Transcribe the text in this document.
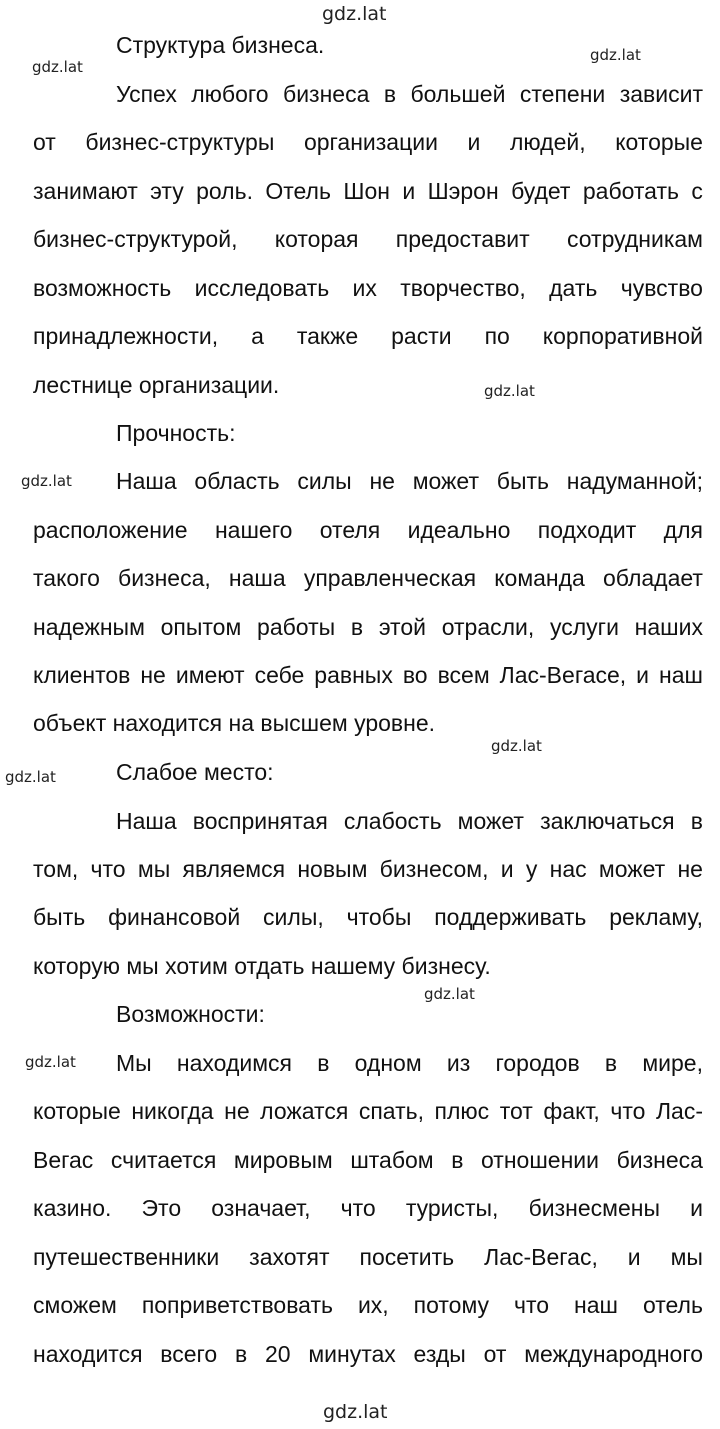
gdz.lat
gdz.lat
gdz.lat
gdz.lat
gdz.lat
gdz.lat
gdz.lat
gdz.lat
gdz.lat
gdz.lat
Структура бизнеса.
Успех любого бизнеса в большей степени зависит
от бизнес-структуры организации и людей, которые
занимают эту роль. Отель Шон и Шэрон будет работать с
бизнес-структурой, которая предоставит сотрудникам
возможность исследовать их творчество, дать чувство
принадлежности, а также расти по корпоративной
лестнице организации.
Прочность:
Наша область силы не может быть надуманной;
расположение нашего отеля идеально подходит для
такого бизнеса, наша управленческая команда обладает
надежным опытом работы в этой отрасли, услуги наших
клиентов не имеют себе равных во всем Лас-Вегасе, и наш
объект находится на высшем уровне.
Слабое место:
Наша воспринятая слабость может заключаться в
том, что мы являемся новым бизнесом, и у нас может не
быть финансовой силы, чтобы поддерживать рекламу,
которую мы хотим отдать нашему бизнесу.
Возможности:
Мы находимся в одном из городов в мире,
которые никогда не ложатся спать, плюс тот факт, что Лас-
Вегас считается мировым штабом в отношении бизнеса
казино. Это означает, что туристы, бизнесмены и
путешественники захотят посетить Лас-Вегас, и мы
сможем поприветствовать их, потому что наш отель
находится всего в 20 минутах езды от международного
